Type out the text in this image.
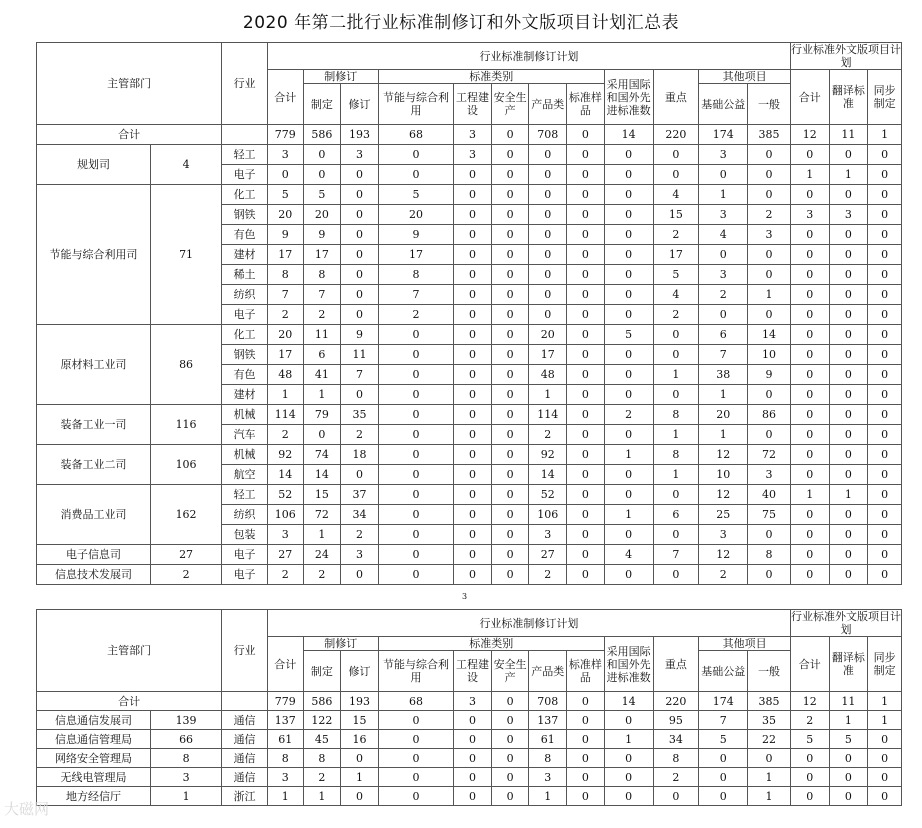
2020 年第二批行业标准制修订和外文版项目计划汇总表
主管部门		行业	行业标准制修订计划												行业标准外文版项目计划		
			合计	制修订		标准类别					采用国际和国外先进标准数	重点	其他项目		合计	翻译标准	同步制定
				制定	修订	节能与综合利用	工程建设	安全生产	产品类	标准样品			基础公益	一般			
合计			779	586	193	68	3	0	708	0	14	220	174	385	12	11	1
规划司	4	轻工	3	0	3	0	3	0	0	0	0	0	3	0	0	0	0
		电子	0	0	0	0	0	0	0	0	0	0	0	0	1	1	0
节能与综合利用司	71	化工	5	5	0	5	0	0	0	0	0	4	1	0	0	0	0
		钢铁	20	20	0	20	0	0	0	0	0	15	3	2	3	3	0
		有色	9	9	0	9	0	0	0	0	0	2	4	3	0	0	0
		建材	17	17	0	17	0	0	0	0	0	17	0	0	0	0	0
		稀土	8	8	0	8	0	0	0	0	0	5	3	0	0	0	0
		纺织	7	7	0	7	0	0	0	0	0	4	2	1	0	0	0
		电子	2	2	0	2	0	0	0	0	0	2	0	0	0	0	0
原材料工业司	86	化工	20	11	9	0	0	0	20	0	5	0	6	14	0	0	0
		钢铁	17	6	11	0	0	0	17	0	0	0	7	10	0	0	0
		有色	48	41	7	0	0	0	48	0	0	1	38	9	0	0	0
		建材	1	1	0	0	0	0	1	0	0	0	1	0	0	0	0
装备工业一司	116	机械	114	79	35	0	0	0	114	0	2	8	20	86	0	0	0
		汽车	2	0	2	0	0	0	2	0	0	1	1	0	0	0	0
装备工业二司	106	机械	92	74	18	0	0	0	92	0	1	8	12	72	0	0	0
		航空	14	14	0	0	0	0	14	0	0	1	10	3	0	0	0
消费品工业司	162	轻工	52	15	37	0	0	0	52	0	0	0	12	40	1	1	0
		纺织	106	72	34	0	0	0	106	0	1	6	25	75	0	0	0
		包装	3	1	2	0	0	0	3	0	0	0	3	0	0	0	0
电子信息司	27	电子	27	24	3	0	0	0	27	0	4	7	12	8	0	0	0
信息技术发展司	2	电子	2	2	0	0	0	0	2	0	0	0	2	0	0	0	0
3
主管部门		行业	行业标准制修订计划												行业标准外文版项目计划		
			合计	制修订		标准类别					采用国际和国外先进标准数	重点	其他项目		合计	翻译标准	同步制定
				制定	修订	节能与综合利用	工程建设	安全生产	产品类	标准样品			基础公益	一般			
合计			779	586	193	68	3	0	708	0	14	220	174	385	12	11	1
信息通信发展司	139	通信	137	122	15	0	0	0	137	0	0	95	7	35	2	1	1
信息通信管理局	66	通信	61	45	16	0	0	0	61	0	1	34	5	22	5	5	0
网络安全管理局	8	通信	8	8	0	0	0	0	8	0	0	8	0	0	0	0	0
无线电管理局	3	通信	3	2	1	0	0	0	3	0	0	2	0	1	0	0	0
地方经信厅	1	浙江	1	1	0	0	0	0	1	0	0	0	0	1	0	0	0
大磁网
